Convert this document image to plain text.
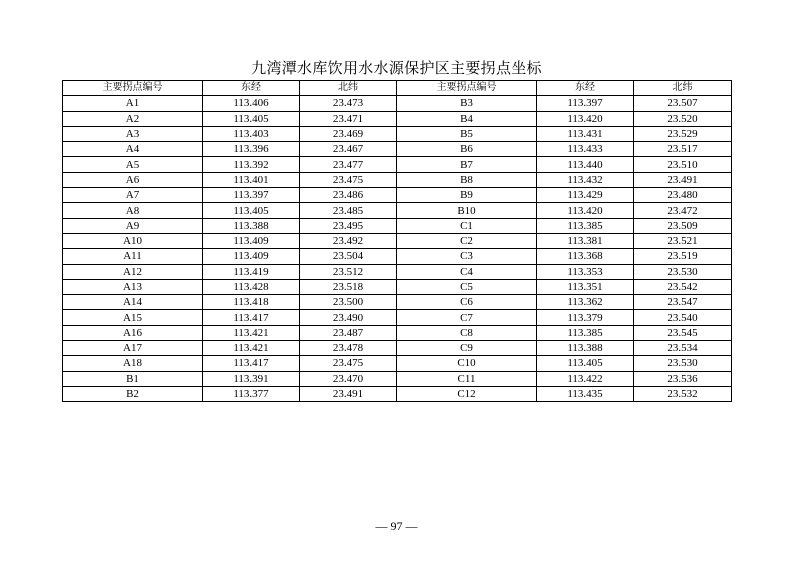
九湾潭水库饮用水水源保护区主要拐点坐标
主要拐点编号	东经	北纬	主要拐点编号	东经	北纬
A1	113.406	23.473	B3	113.397	23.507
A2	113.405	23.471	B4	113.420	23.520
A3	113.403	23.469	B5	113.431	23.529
A4	113.396	23.467	B6	113.433	23.517
A5	113.392	23.477	B7	113.440	23.510
A6	113.401	23.475	B8	113.432	23.491
A7	113.397	23.486	B9	113.429	23.480
A8	113.405	23.485	B10	113.420	23.472
A9	113.388	23.495	C1	113.385	23.509
A10	113.409	23.492	C2	113.381	23.521
A11	113.409	23.504	C3	113.368	23.519
A12	113.419	23.512	C4	113.353	23.530
A13	113.428	23.518	C5	113.351	23.542
A14	113.418	23.500	C6	113.362	23.547
A15	113.417	23.490	C7	113.379	23.540
A16	113.421	23.487	C8	113.385	23.545
A17	113.421	23.478	C9	113.388	23.534
A18	113.417	23.475	C10	113.405	23.530
B1	113.391	23.470	C11	113.422	23.536
B2	113.377	23.491	C12	113.435	23.532
— 97 —
